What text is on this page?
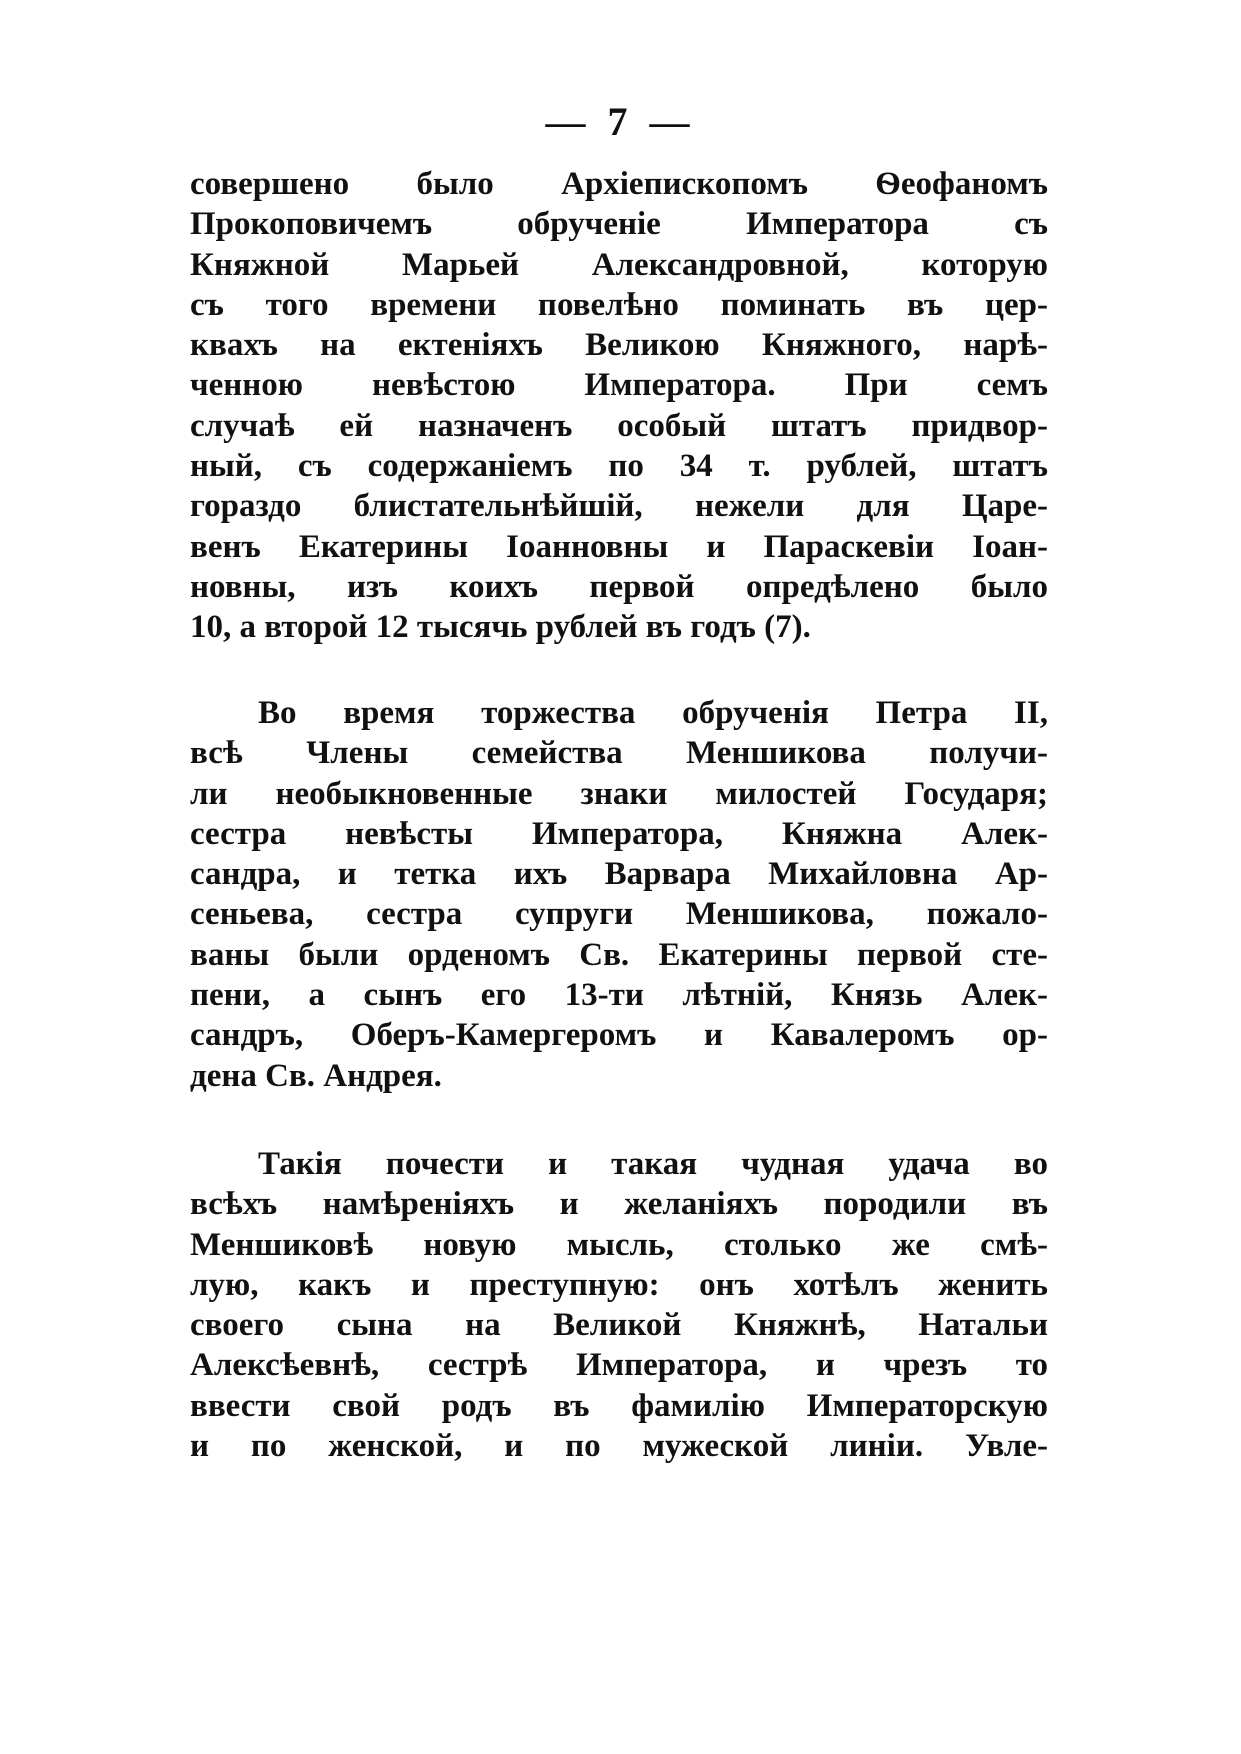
— 7 —
совершено было Архіепископомъ Ѳеофаномъ
Прокоповичемъ обрученіе Императора съ
Княжной Марьей Александровной, которую
съ того времени повелѣно поминать въ цер-
квахъ на ектеніяхъ Великою Княжного, нарѣ-
ченною невѣстою Императора. При семъ
случаѣ ей назначенъ особый штатъ придвор-
ный, съ содержаніемъ по 34 т. рублей, штатъ
гораздо блистательнѣйшій, нежели для Царе-
венъ Екатерины Іоанновны и Параскевіи Іоан-
новны, изъ коихъ первой опредѣлено было
10, а второй 12 тысячь рублей въ годъ (7).
Во время торжества обрученія Петра II,
всѣ Члены семейства Меншикова получи-
ли необыкновенные знаки милостей Государя;
сестра невѣсты Императора, Княжна Алек-
сандра, и тетка ихъ Варвара Михайловна Ар-
сеньева, сестра супруги Меншикова, пожало-
ваны были орденомъ Св. Екатерины первой сте-
пени, а сынъ его 13-ти лѣтній, Князь Алек-
сандръ, Оберъ-Камергеромъ и Кавалеромъ ор-
дена Св. Андрея.
Такія почести и такая чудная удача во
всѣхъ намѣреніяхъ и желаніяхъ породили въ
Меншиковѣ новую мысль, столько же смѣ-
лую, какъ и преступную: онъ хотѣлъ женить
своего сына на Великой Княжнѣ, Натальи
Алексѣевнѣ, сестрѣ Императора, и чрезъ то
ввести свой родъ въ фамилію Императорскую
и по женской, и по мужеской линіи. Увле-
